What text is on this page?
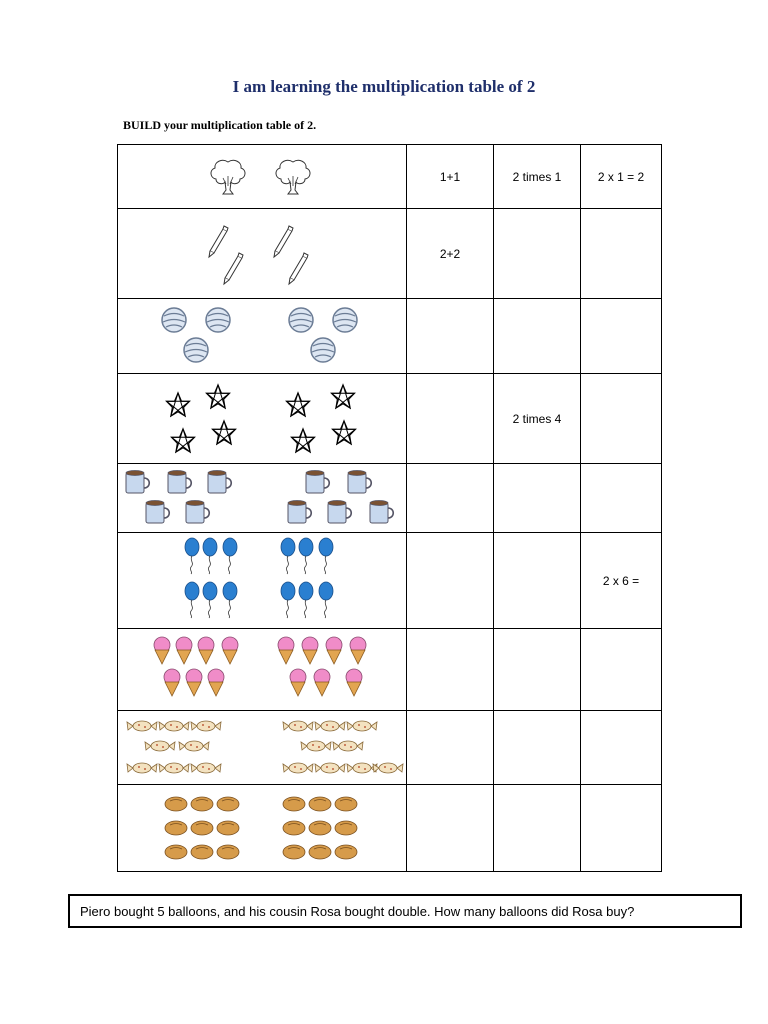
I am learning the multiplication table of 2
BUILD your multiplication table of 2.
	1+1	2 times 1	2 x 1 = 2

	2+2		

		2 times 4	

			2 x 6 =

Piero bought 5 balloons, and his cousin Rosa bought double. How many balloons did Rosa buy?
